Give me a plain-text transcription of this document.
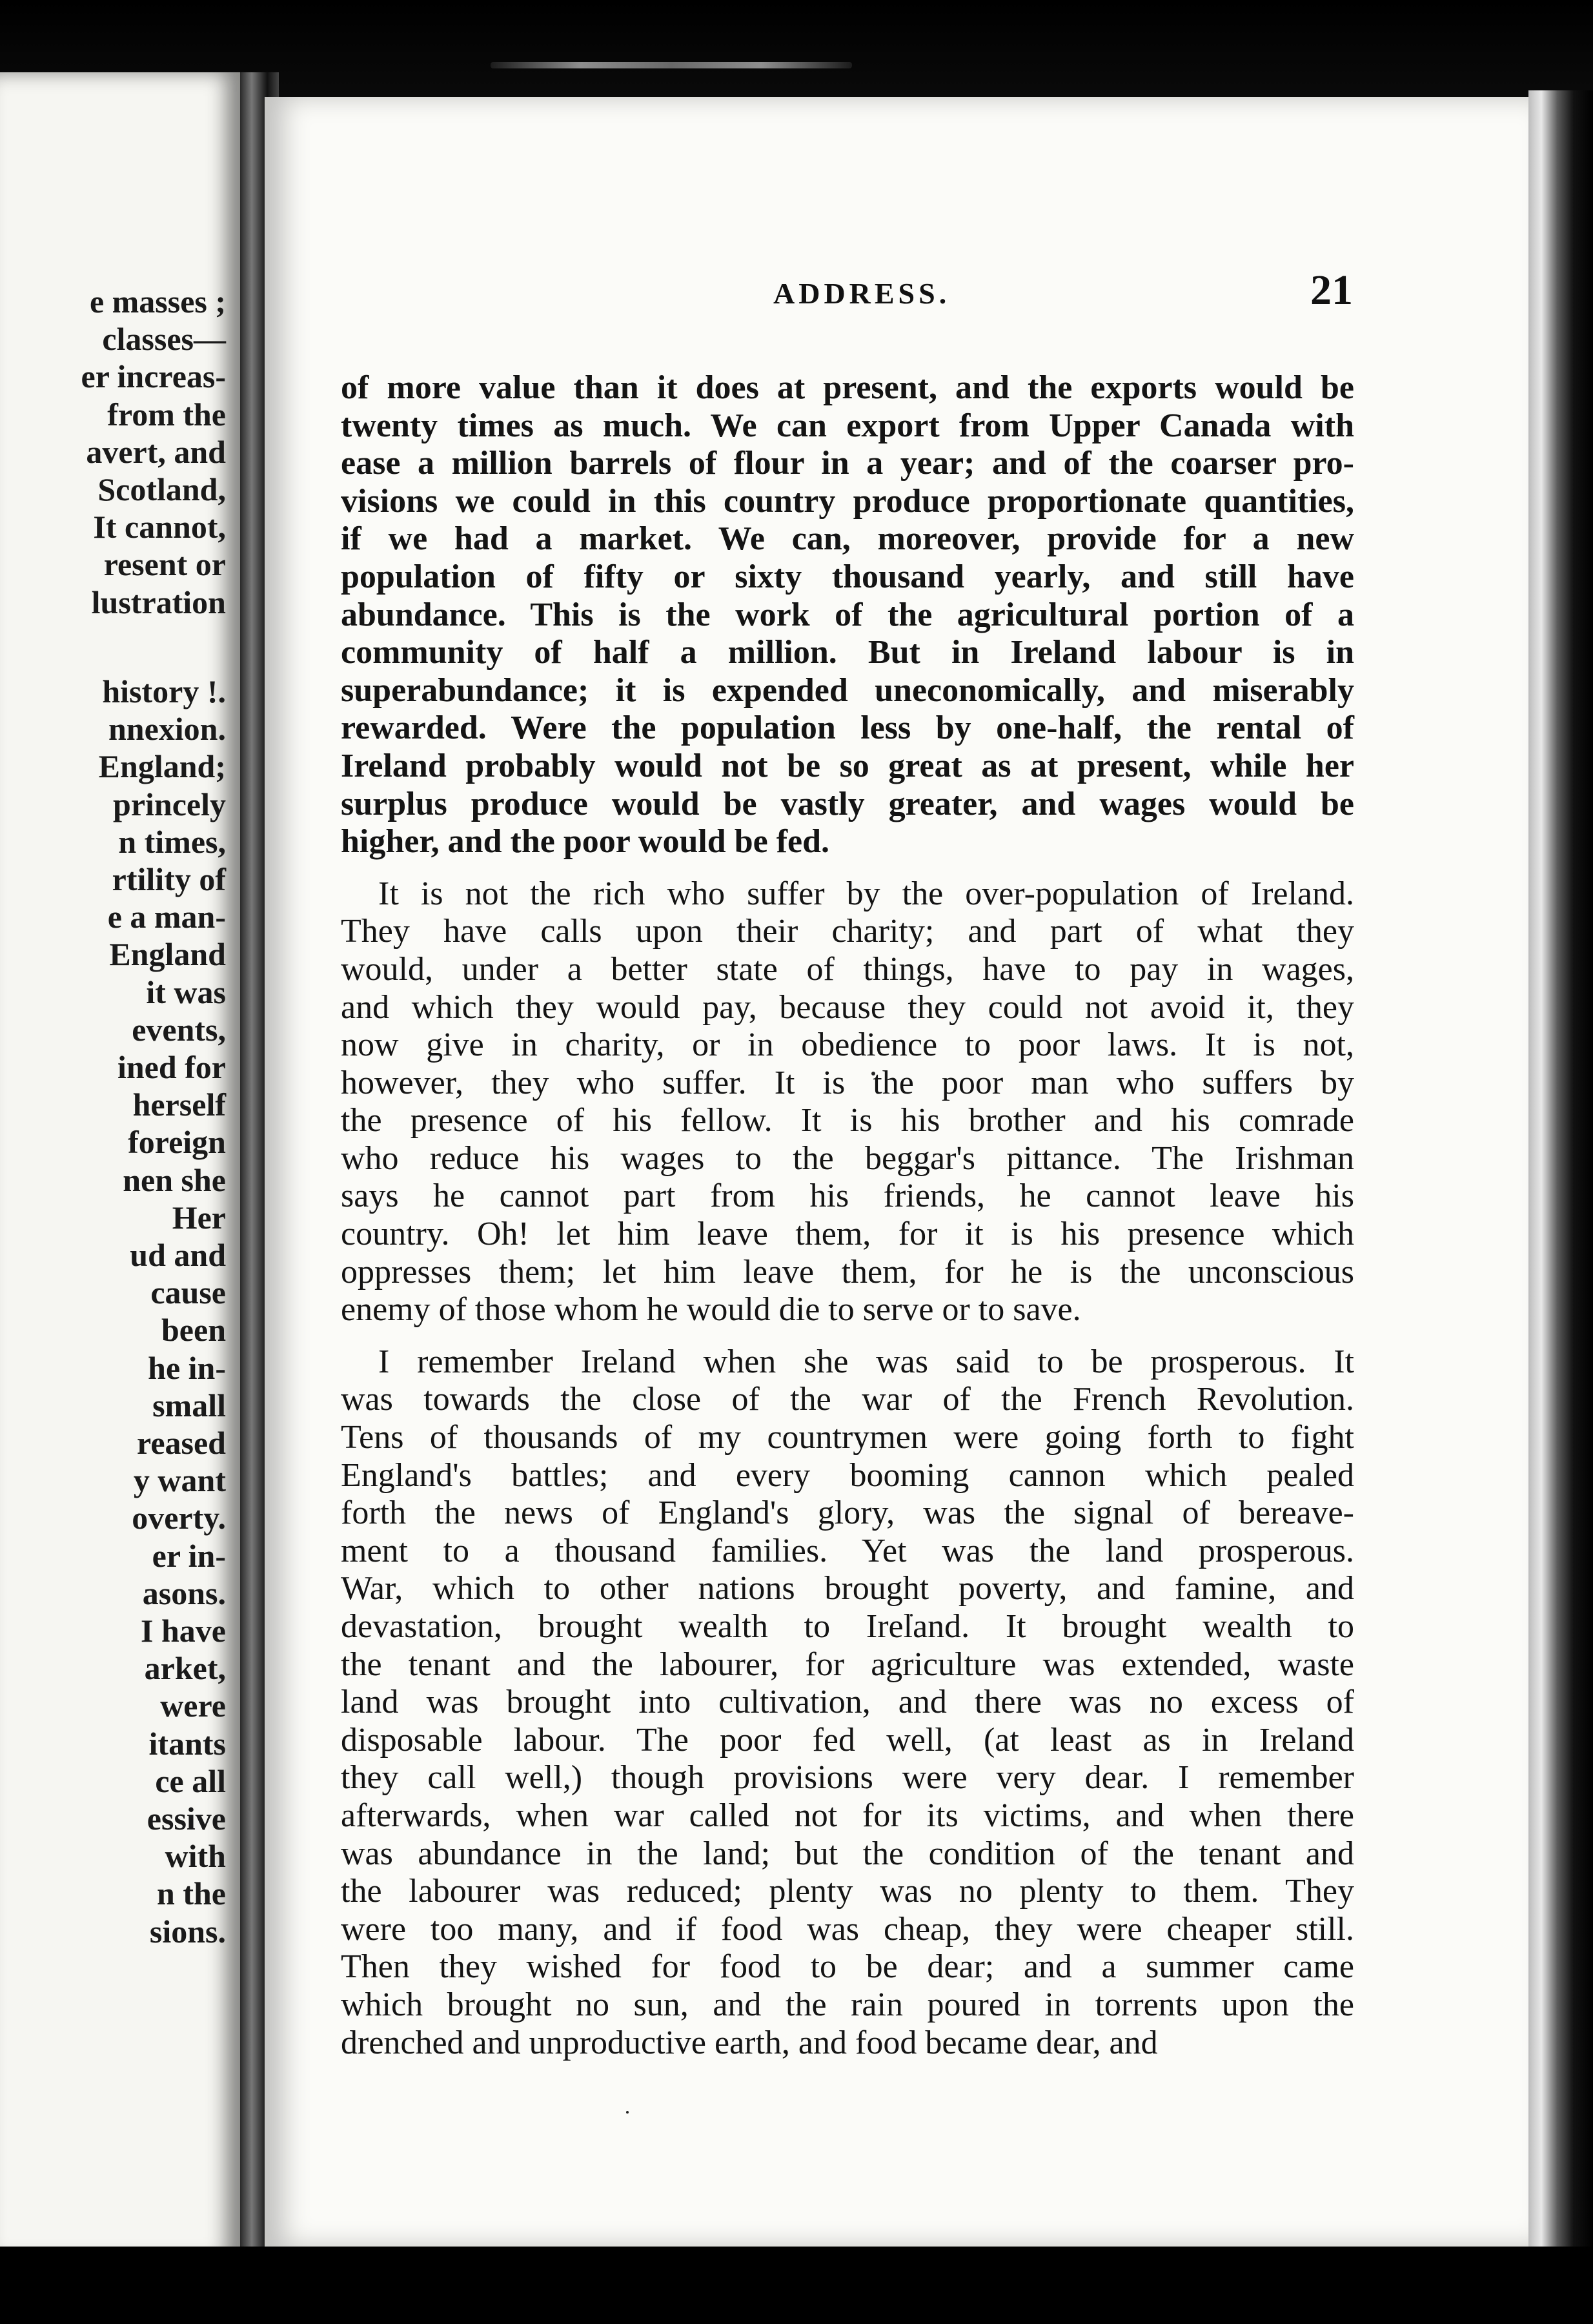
e masses ;
classes—
er increas-
from the
avert, and
Scotland,
It cannot,
resent or
lustration
history !.
nnexion.
England;
princely
n times,
rtility of
e a man-
England
it was
events,
ined for
herself
foreign
nen she
Her
ud and
cause
been
he in-
small
reased
y want
overty.
er in-
asons.
I have
arket,
were
itants
ce all
essive
with
n the
sions.
ADDRESS.	21

of more value than it does at present, and the exports would be
twenty times as much. We can export from Upper Canada with
ease a million barrels of flour in a year; and of the coarser pro-
visions we could in this country produce proportionate quantities,
if we had a market. We can, moreover, provide for a new
population of fifty or sixty thousand yearly, and still have
abundance. This is the work of the agricultural portion of a
community of half a million. But in Ireland labour is in
superabundance; it is expended uneconomically, and miserably
rewarded. Were the population less by one-half, the rental of
Ireland probably would not be so great as at present, while her
surplus produce would be vastly greater, and wages would be
higher, and the poor would be fed.

It is not the rich who suffer by the over-population of Ireland.
They have calls upon their charity; and part of what they
would, under a better state of things, have to pay in wages,
and which they would pay, because they could not avoid it, they
now give in charity, or in obedience to poor laws. It is not,
however, they who suffer. It is the poor man who suffers by
the presence of his fellow. It is his brother and his comrade
who reduce his wages to the beggar's pittance. The Irishman
says he cannot part from his friends, he cannot leave his
country. Oh! let him leave them, for it is his presence which
oppresses them; let him leave them, for he is the unconscious
enemy of those whom he would die to serve or to save.

I remember Ireland when she was said to be prosperous. It
was towards the close of the war of the French Revolution.
Tens of thousands of my countrymen were going forth to fight
England's battles; and every booming cannon which pealed
forth the news of England's glory, was the signal of bereave-
ment to a thousand families. Yet was the land prosperous.
War, which to other nations brought poverty, and famine, and
devastation, brought wealth to Ireland. It brought wealth to
the tenant and the labourer, for agriculture was extended, waste
land was brought into cultivation, and there was no excess of
disposable labour. The poor fed well, (at least as in Ireland
they call well,) though provisions were very dear. I remember
afterwards, when war called not for its victims, and when there
was abundance in the land; but the condition of the tenant and
the labourer was reduced; plenty was no plenty to them. They
were too many, and if food was cheap, they were cheaper still.
Then they wished for food to be dear; and a summer came
which brought no sun, and the rain poured in torrents upon the
drenched and unproductive earth, and food became dear, and
